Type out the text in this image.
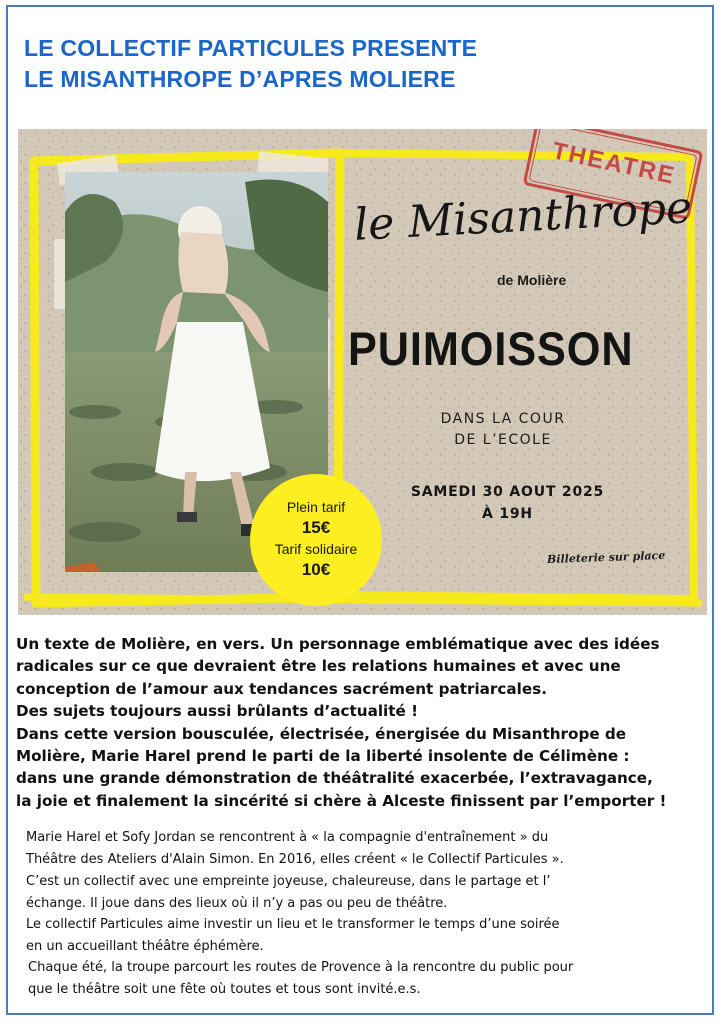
LE COLLECTIF PARTICULES PRESENTE
LE MISANTHROPE D’APRES MOLIERE
THEATRE
le Misanthrope
de Molière
PUIMOISSON
DANS LA COUR
DE L’ECOLE
SAMEDI 30 AOUT 2025
À 19H
Billeterie sur place
Plein tarif
15€
Tarif solidaire
10€
Un texte de Molière, en vers. Un personnage emblématique avec des idées
radicales sur ce que devraient être les relations humaines et avec une
conception de l’amour aux tendances sacrément patriarcales.
Des sujets toujours aussi brûlants d’actualité !
Dans cette version bousculée, électrisée, énergisée du Misanthrope de
Molière, Marie Harel prend le parti de la liberté insolente de Célimène :
dans une grande démonstration de théâtralité exacerbée, l’extravagance,
la joie et finalement la sincérité si chère à Alceste finissent par l’emporter !
Marie Harel et Sofy Jordan se rencontrent à « la compagnie d'entraînement » du
Théâtre des Ateliers d'Alain Simon. En 2016, elles créent « le Collectif Particules ».
C’est un collectif avec une empreinte joyeuse, chaleureuse, dans le partage et l’
échange. Il joue dans des lieux où il n’y a pas ou peu de théâtre.
Le collectif Particules aime investir un lieu et le transformer le temps d’une soirée
en un accueillant théâtre éphémère.
Chaque été, la troupe parcourt les routes de Provence à la rencontre du public pour
que le théâtre soit une fête où toutes et tous sont invité.e.s.
